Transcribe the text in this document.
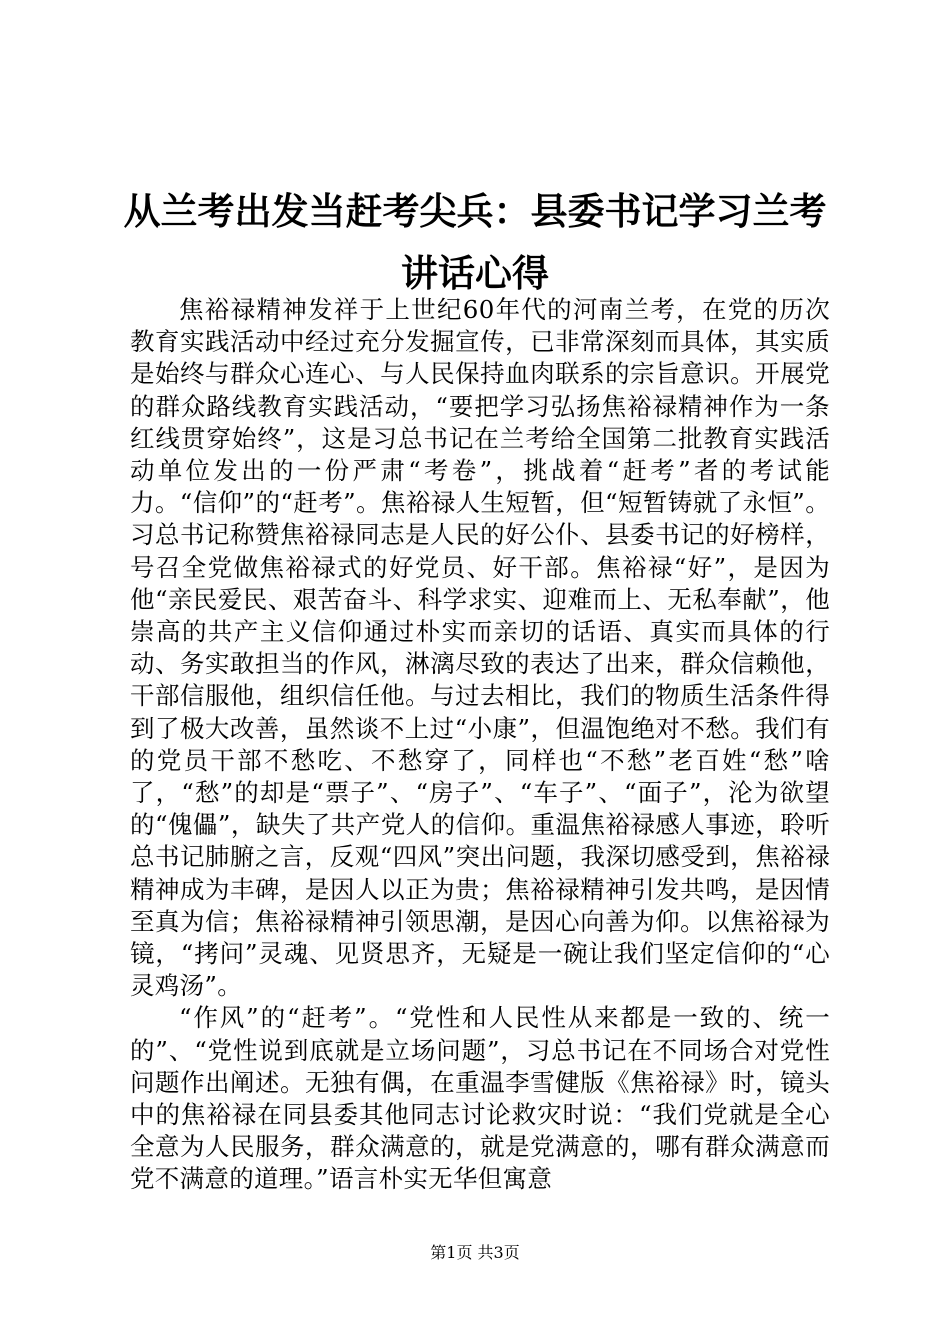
从兰考出发当赶考尖兵：县委书记学习兰考讲话心得

焦裕禄精神发祥于上世纪60年代的河南兰考，在党的历次教育实践活动中经过充分发掘宣传，已非常深刻而具体，其实质是始终与群众心连心、与人民保持血肉联系的宗旨意识。开展党的群众路线教育实践活动，“要把学习弘扬焦裕禄精神作为一条红线贯穿始终”，这是习总书记在兰考给全国第二批教育实践活动单位发出的一份严肃“考卷”，挑战着“赶考”者的考试能力。“信仰”的“赶考”。焦裕禄人生短暂，但“短暂铸就了永恒”。习总书记称赞焦裕禄同志是人民的好公仆、县委书记的好榜样，号召全党做焦裕禄式的好党员、好干部。焦裕禄“好”，是因为他“亲民爱民、艰苦奋斗、科学求实、迎难而上、无私奉献”，他崇高的共产主义信仰通过朴实而亲切的话语、真实而具体的行动、务实敢担当的作风，淋漓尽致的表达了出来，群众信赖他，干部信服他，组织信任他。与过去相比，我们的物质生活条件得到了极大改善，虽然谈不上过“小康”，但温饱绝对不愁。我们有的党员干部不愁吃、不愁穿了，同样也“不愁”老百姓“愁”啥了，“愁”的却是“票子”、“房子”、“车子”、“面子”，沦为欲望的“傀儡”，缺失了共产党人的信仰。重温焦裕禄感人事迹，聆听总书记肺腑之言，反观“四风”突出问题，我深切感受到，焦裕禄精神成为丰碑，是因人以正为贵；焦裕禄精神引发共鸣，是因情至真为信；焦裕禄精神引领思潮，是因心向善为仰。以焦裕禄为镜，“拷问”灵魂、见贤思齐，无疑是一碗让我们坚定信仰的“心灵鸡汤”。

“作风”的“赶考”。“党性和人民性从来都是一致的、统一的”、“党性说到底就是立场问题”，习总书记在不同场合对党性问题作出阐述。无独有偶，在重温李雪健版《焦裕禄》时，镜头中的焦裕禄在同县委其他同志讨论救灾时说：“我们党就是全心全意为人民服务，群众满意的，就是党满意的，哪有群众满意而党不满意的道理。”语言朴实无华但寓意

第1页 共3页
